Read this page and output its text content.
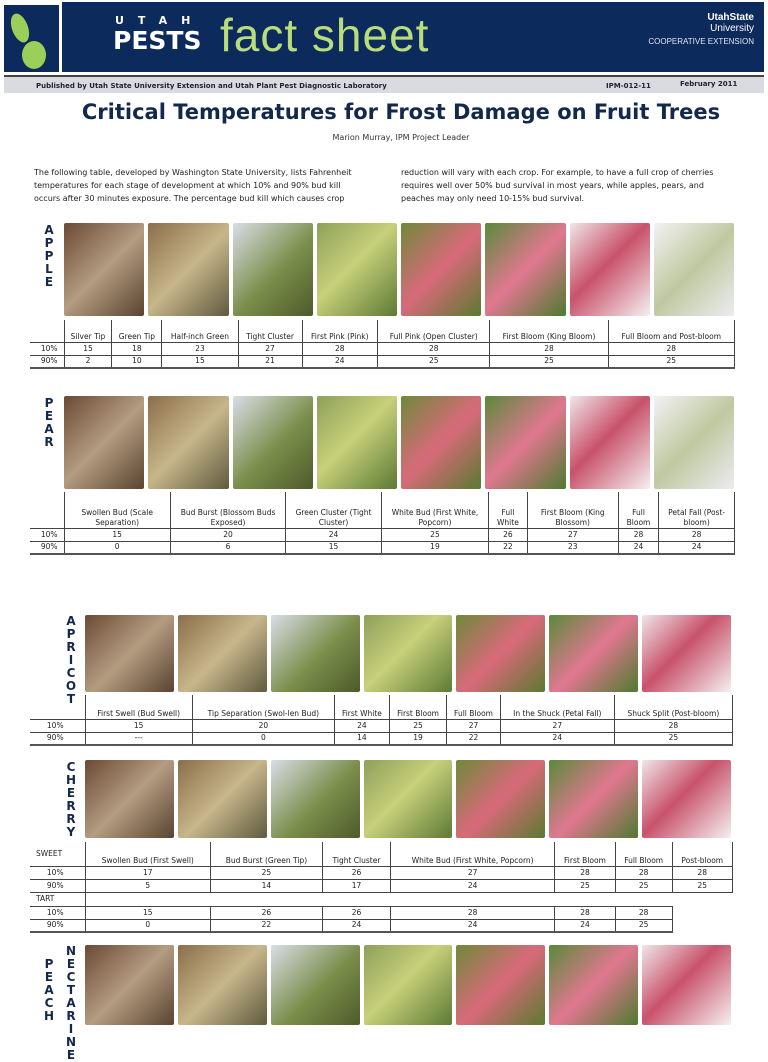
UTAH
PESTS fact sheet	UtahState
University
COOPERATIVE EXTENSION
Published by Utah State University Extension and Utah Plant Pest Diagnostic Laboratory	IPM-012-11	February 2011
Critical Temperatures for Frost Damage on Fruit Trees
Marion Murray, IPM Project Leader
The following table, developed by Washington State University, lists Fahrenheit temperatures for each stage of development at which 10% and 90% bud kill occurs after 30 minutes exposure. The percentage bud kill which causes crop
reduction will vary with each crop. For example, to have a full crop of cherries requires well over 50% bud survival in most years, while apples, pears, and peaches may only need 10-15% bud survival.
A
P
P
L
E
	Silver Tip	Green Tip	Half-inch Green	Tight Cluster	First Pink (Pink)	Full Pink (Open Cluster)	First Bloom (King Bloom)	Full Bloom and Post-bloom
10%	15	18	23	27	28	28	28	28
90%	2	10	15	21	24	25	25	25
P
E
A
R
	Swollen Bud (Scale Separation)	Bud Burst (Blossom Buds Exposed)	Green Cluster (Tight Cluster)	White Bud (First White, Popcorn)	Full White	First Bloom (King Blossom)	Full Bloom	Petal Fall (Post-bloom)
10%	15	20	24	25	26	27	28	28
90%	0	6	15	19	22	23	24	24
A
P
R
I
C
O
T
	First Swell (Bud Swell)	Tip Separation (Swol-len Bud)	First White	First Bloom	Full Bloom	In the Shuck (Petal Fall)	Shuck Split (Post-bloom)
10%	15	20	24	25	27	27	28
90%	---	0	14	19	22	24	25
C
H
E
R
R
Y
SWEET	Swollen Bud (First Swell)	Bud Burst (Green Tip)	Tight Cluster	White Bud (First White, Popcorn)	First Bloom	Full Bloom	Post-bloom
10%	17	25	26	27	28	28	28
90%	5	14	17	24	25	25	25
TART							
10%	15	26	26	28	28	28	
90%	0	22	24	24	24	25	
P
E
A
C
H
N
E
C
T
A
R
I
N
E
